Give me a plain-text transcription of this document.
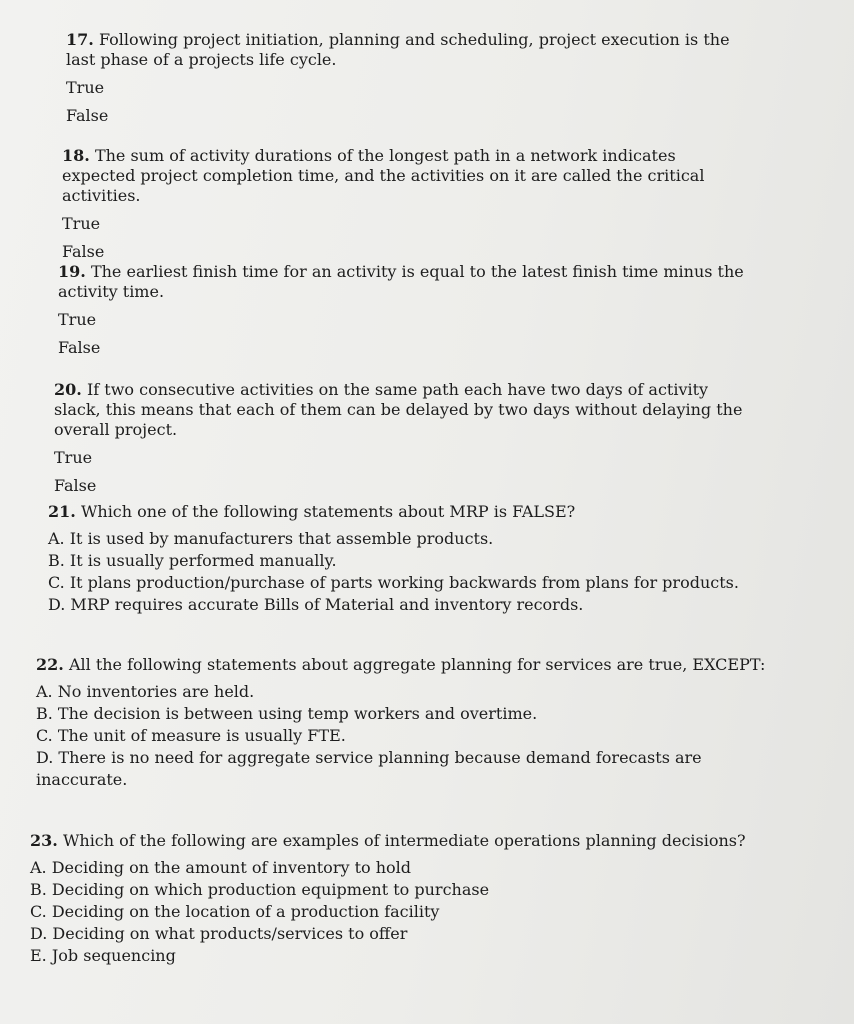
17. Following project initiation, planning and scheduling, project execution is the last phase of a projects life cycle.

True

False

18. The sum of activity durations of the longest path in a network indicates expected project completion time, and the activities on it are called the critical activities.

True

False

19. The earliest finish time for an activity is equal to the latest finish time minus the activity time.

True

False

20. If two consecutive activities on the same path each have two days of activity slack, this means that each of them can be delayed by two days without delaying the overall project.

True

False

21. Which one of the following statements about MRP is FALSE?

A. It is used by manufacturers that assemble products.

B. It is usually performed manually.

C. It plans production/purchase of parts working backwards from plans for products.

D. MRP requires accurate Bills of Material and inventory records.

22. All the following statements about aggregate planning for services are true, EXCEPT:

A. No inventories are held.

B. The decision is between using temp workers and overtime.

C. The unit of measure is usually FTE.

D. There is no need for aggregate service planning because demand forecasts are inaccurate.

23. Which of the following are examples of intermediate operations planning decisions?

A. Deciding on the amount of inventory to hold

B. Deciding on which production equipment to purchase

C. Deciding on the location of a production facility

D. Deciding on what products/services to offer

E. Job sequencing
